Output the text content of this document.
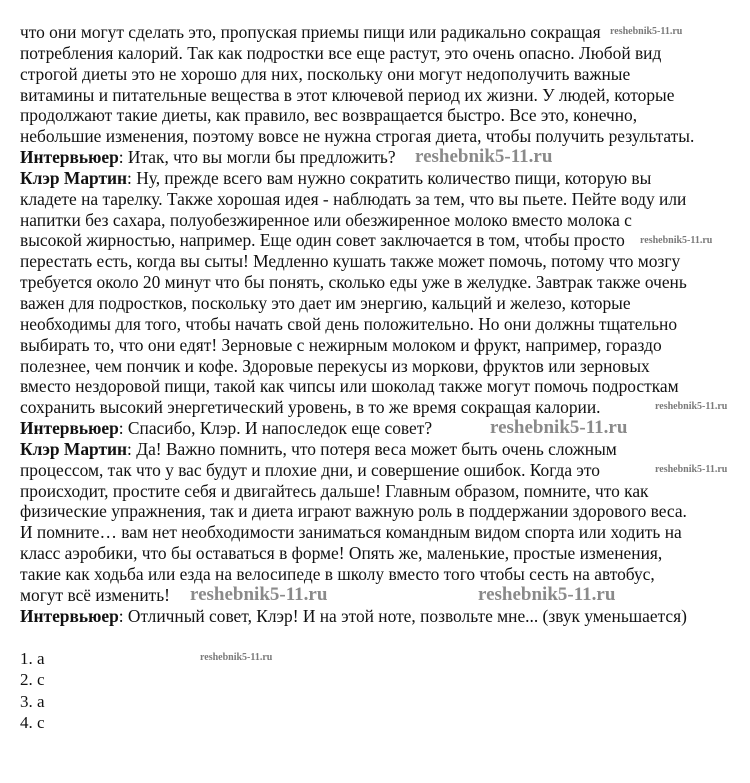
что они могут сделать это, пропуская приемы пищи или радикально сокращая
потребления калорий. Так как подростки все еще растут, это очень опасно. Любой вид
строгой диеты это не хорошо для них, поскольку они могут недополучить важные
витамины и питательные вещества в этот ключевой период их жизни. У людей, которые
продолжают такие диеты, как правило, вес возвращается быстро. Все это, конечно,
небольшие изменения, поэтому вовсе не нужна строгая диета, чтобы получить результаты.
Интервьюер: Итак, что вы могли бы предложить?
Клэр Мартин: Ну, прежде всего вам нужно сократить количество пищи, которую вы
кладете на тарелку. Также хорошая идея - наблюдать за тем, что вы пьете. Пейте воду или
напитки без сахара, полуобезжиренное или обезжиренное молоко вместо молока с
высокой жирностью, например. Еще один совет заключается в том, чтобы просто
перестать есть, когда вы сыты! Медленно кушать также может помочь, потому что мозгу
требуется около 20 минут что бы понять, сколько еды уже в желудке. Завтрак также очень
важен для подростков, поскольку это дает им энергию, кальций и железо, которые
необходимы для того, чтобы начать свой день положительно. Но они должны тщательно
выбирать то, что они едят! Зерновые с нежирным молоком и фрукт, например, гораздо
полезнее, чем пончик и кофе. Здоровые перекусы из моркови, фруктов или зерновых
вместо нездоровой пищи, такой как чипсы или шоколад также могут помочь подросткам
сохранить высокий энергетический уровень, в то же время сокращая калории.
Интервьюер: Спасибо, Клэр. И напоследок еще совет?
Клэр Мартин: Да! Важно помнить, что потеря веса может быть очень сложным
процессом, так что у вас будут и плохие дни, и совершение ошибок. Когда это
происходит, простите себя и двигайтесь дальше! Главным образом, помните, что как
физические упражнения, так и диета играют важную роль в поддержании здорового веса.
И помните… вам нет необходимости заниматься командным видом спорта или ходить на
класс аэробики, что бы оставаться в форме! Опять же, маленькие, простые изменения,
такие как ходьба или езда на велосипеде в школу вместо того чтобы сесть на автобус,
могут всё изменить!
Интервьюер: Отличный совет, Клэр! И на этой ноте, позвольте мне... (звук уменьшается)
1. a
2. c
3. a
4. c
reshebnik5-11.ru
reshebnik5-11.ru
reshebnik5-11.ru
reshebnik5-11.ru
reshebnik5-11.ru
reshebnik5-11.ru
reshebnik5-11.ru
reshebnik5-11.ru	reshebnik5-11.ru
